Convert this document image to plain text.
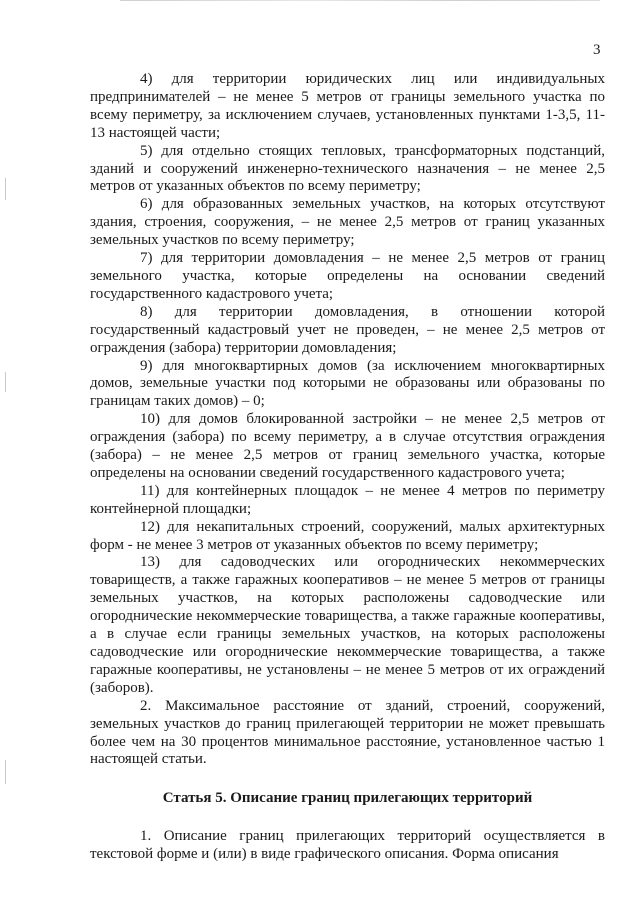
3

4) для территории юридических лиц или индивидуальных предпринимателей – не менее 5 метров от границы земельного участка по всему периметру, за исключением случаев, установленных пунктами 1-3,5, 11-13 настоящей части;

5) для отдельно стоящих тепловых, трансформаторных подстанций, зданий и сооружений инженерно-технического назначения – не менее 2,5 метров от указанных объектов по всему периметру;

6) для образованных земельных участков, на которых отсутствуют здания, строения, сооружения, – не менее 2,5 метров от границ указанных земельных участков по всему периметру;

7) для территории домовладения – не менее 2,5 метров от границ земельного участка, которые определены на основании сведений государственного кадастрового учета;

8) для территории домовладения, в отношении которой государственный кадастровый учет не проведен, – не менее 2,5 метров от ограждения (забора) территории домовладения;

9) для многоквартирных домов (за исключением многоквартирных домов, земельные участки под которыми не образованы или образованы по границам таких домов) – 0;

10) для домов блокированной застройки – не менее 2,5 метров от ограждения (забора) по всему периметру, а в случае отсутствия ограждения (забора) – не менее 2,5 метров от границ земельного участка, которые определены на основании сведений государственного кадастрового учета;

11) для контейнерных площадок – не менее 4 метров по периметру контейнерной площадки;

12) для некапитальных строений, сооружений, малых архитектурных форм - не менее 3 метров от указанных объектов по всему периметру;

13) для садоводческих или огороднических некоммерческих товариществ, а также гаражных кооперативов – не менее 5 метров от границы земельных участков, на которых расположены садоводческие или огороднические некоммерческие товарищества, а также гаражные кооперативы, а в случае если границы земельных участков, на которых расположены садоводческие или огороднические некоммерческие товарищества, а также гаражные кооперативы, не установлены – не менее 5 метров от их ограждений (заборов).

2. Максимальное расстояние от зданий, строений, сооружений, земельных участков до границ прилегающей территории не может превышать более чем на 30 процентов минимальное расстояние, установленное частью 1 настоящей статьи.

Статья 5. Описание границ прилегающих территорий

1. Описание границ прилегающих территорий осуществляется в текстовой форме и (или) в виде графического описания. Форма описания
